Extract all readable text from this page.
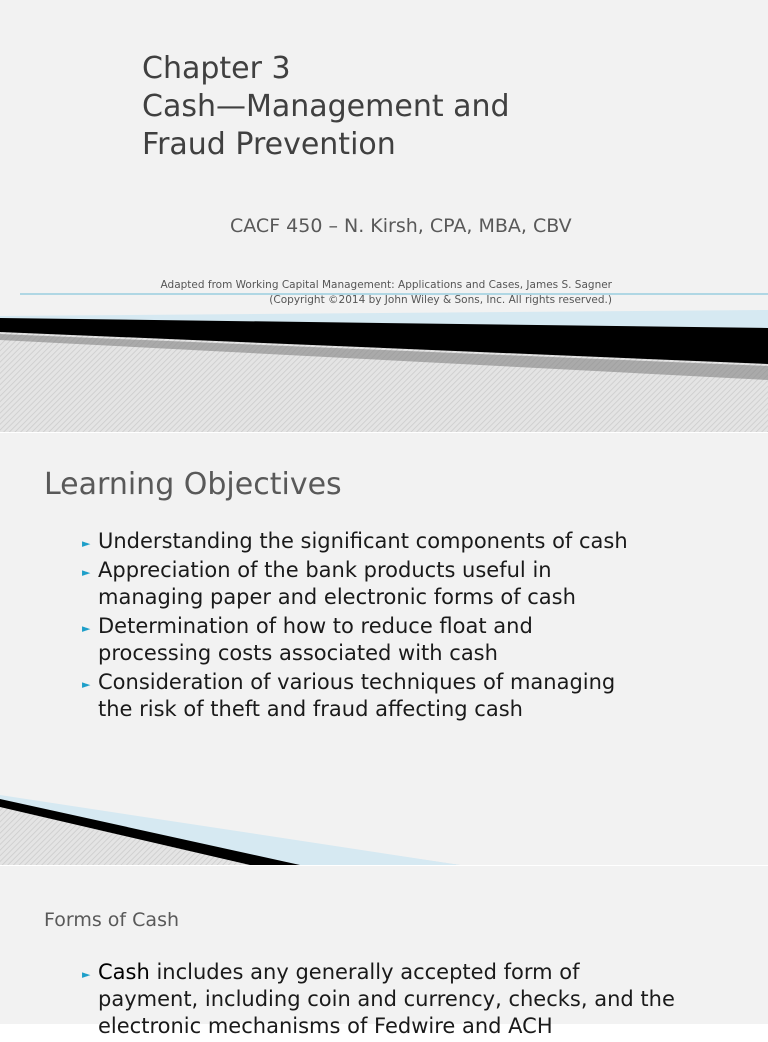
Chapter 3
Cash—Management and
Fraud Prevention

CACF 450 – N. Kirsh, CPA, MBA, CBV

Adapted from Working Capital Management: Applications and Cases, James S. Sagner
(Copyright ©2014 by John Wiley & Sons, Inc. All rights reserved.)

Learning Objectives
► Understanding the significant components of cash
► Appreciation of the bank products useful in managing paper and electronic forms of cash
► Determination of how to reduce float and processing costs associated with cash
► Consideration of various techniques of managing the risk of theft and fraud affecting cash
Forms of Cash
► Cash includes any generally accepted form of payment, including coin and currency, checks, and the electronic mechanisms of Fedwire and ACH
